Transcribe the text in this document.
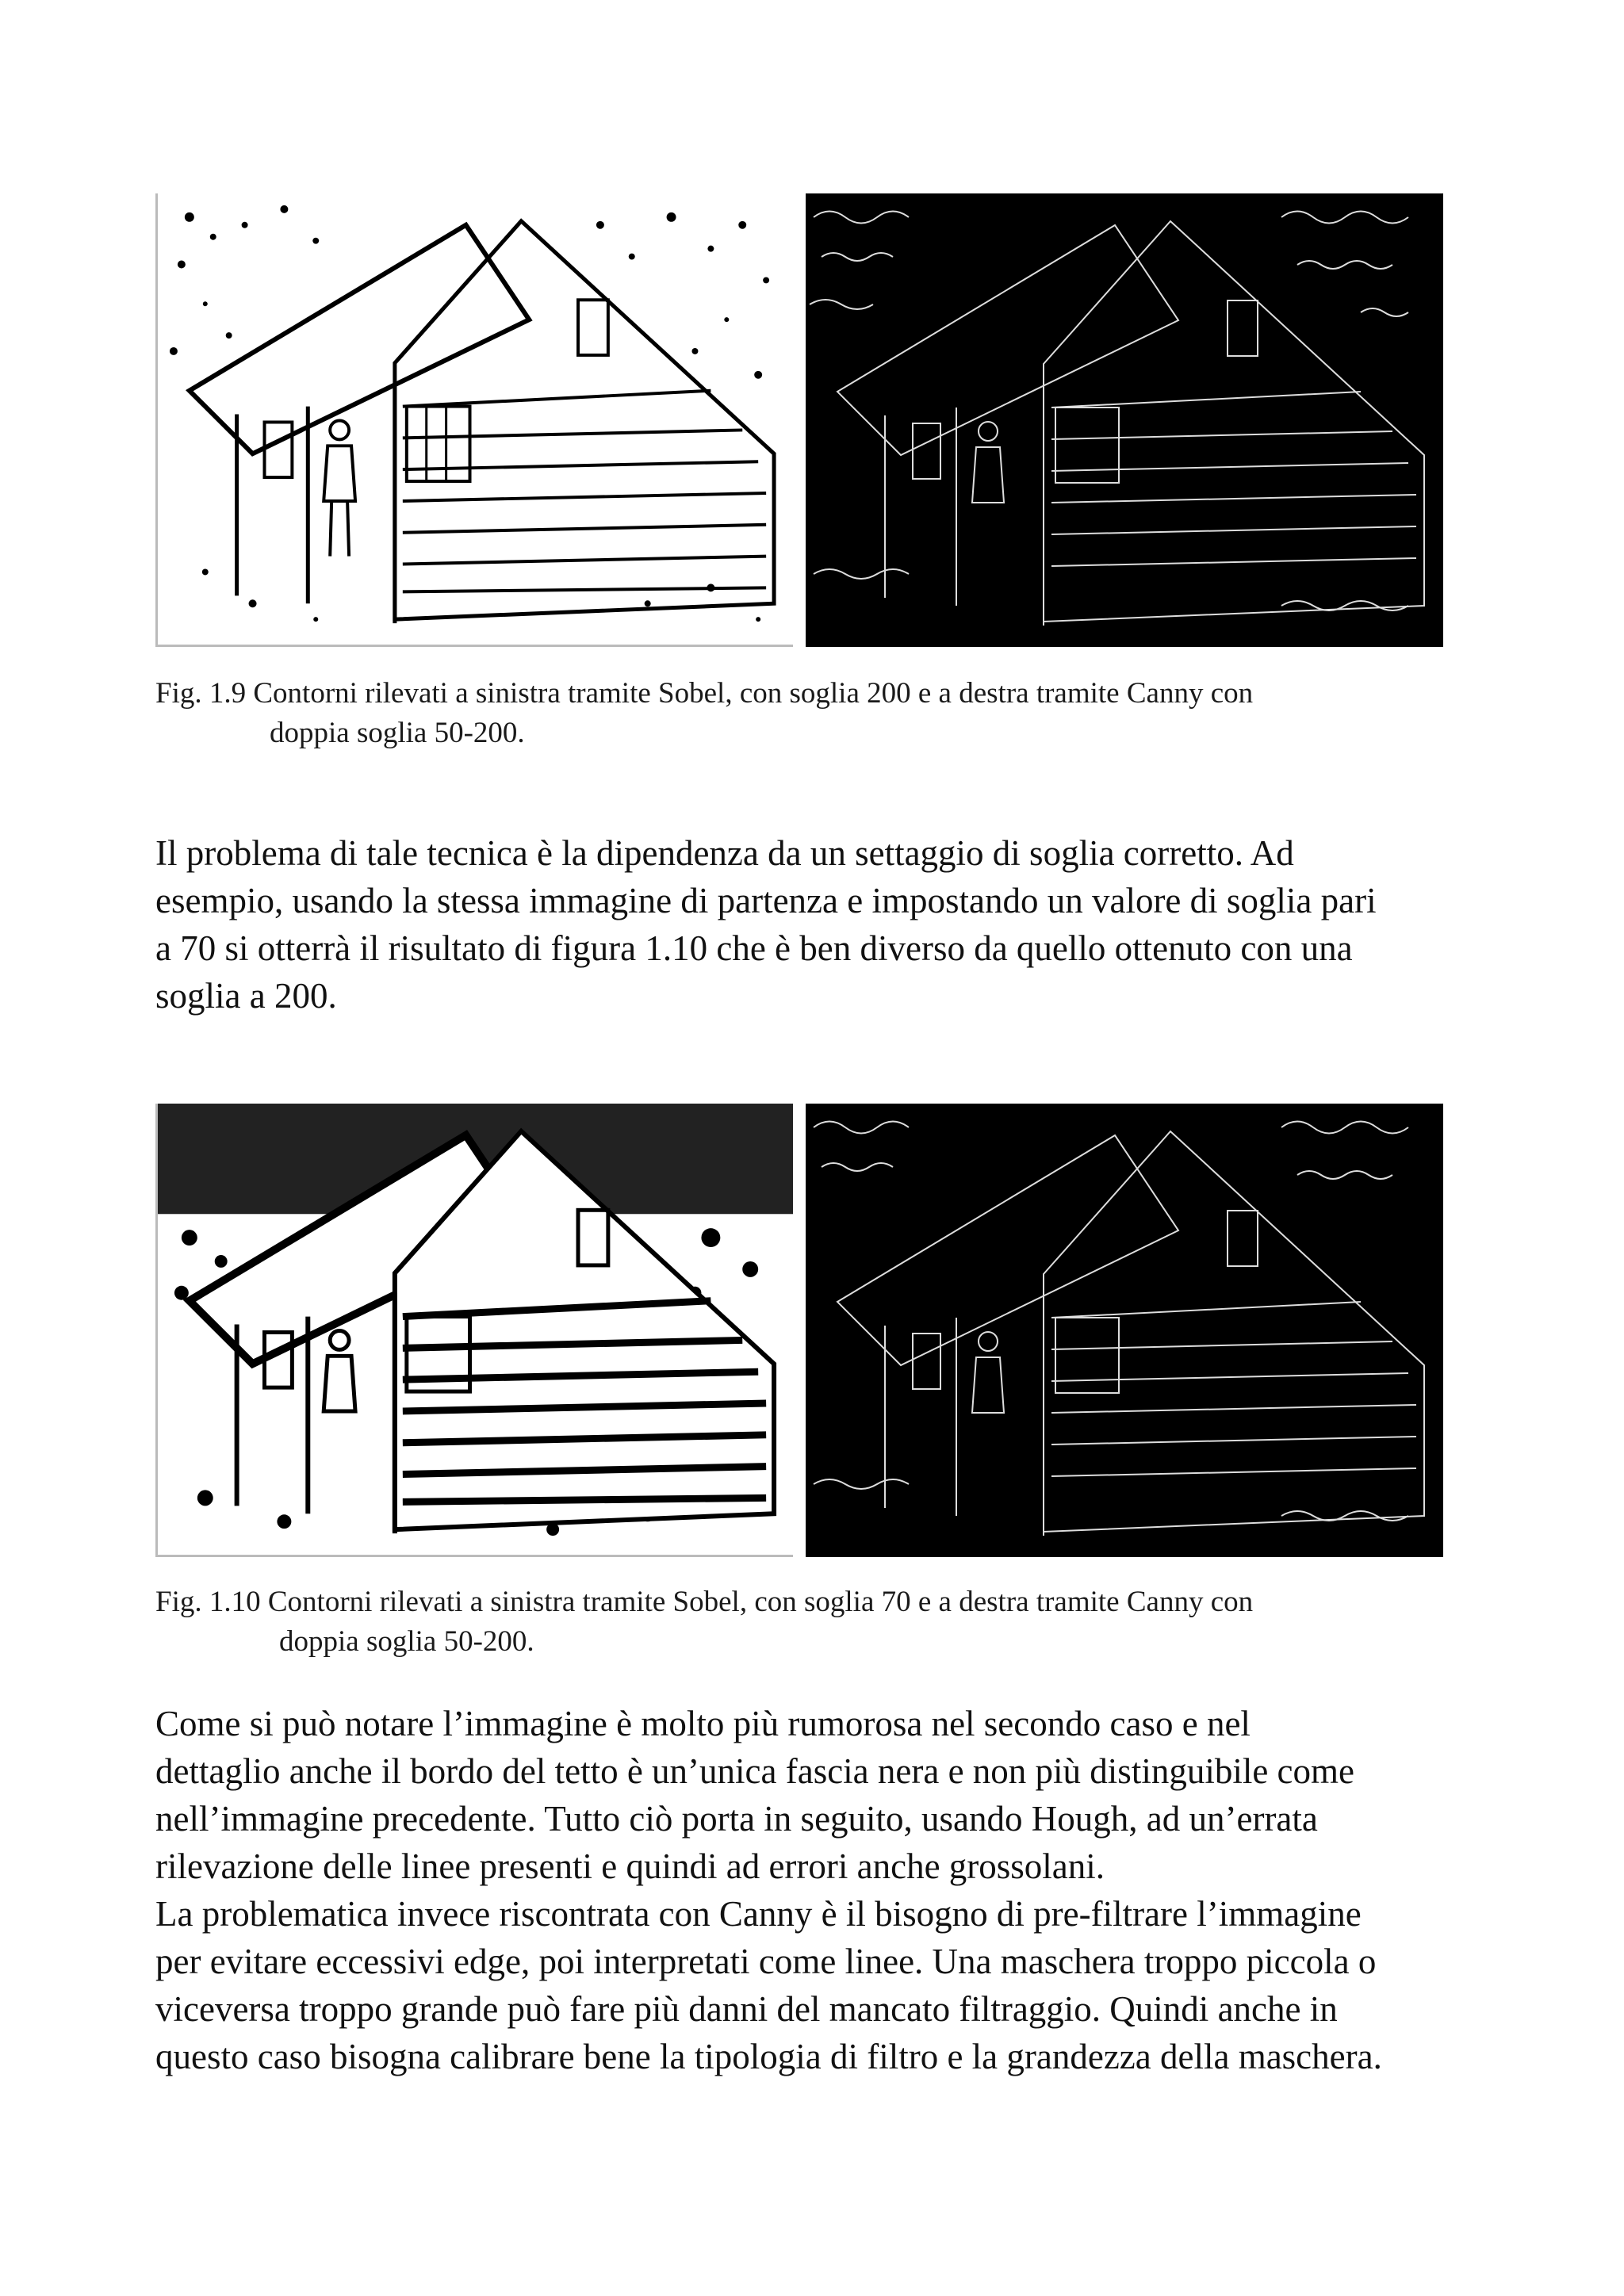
Fig. 1.9 Contorni rilevati a sinistra tramite Sobel, con soglia 200 e a destra tramite Canny con
doppia soglia 50-200.

Il problema di tale tecnica è la dipendenza da un settaggio di soglia corretto. Ad

esempio, usando la stessa immagine di partenza e impostando un valore di soglia pari

a 70 si otterrà il risultato di figura 1.10 che è ben diverso da quello ottenuto con una

soglia a 200.

Fig. 1.10 Contorni rilevati a sinistra tramite Sobel, con soglia 70 e a destra tramite Canny con
doppia soglia 50-200.

Come si può notare l’immagine è molto più rumorosa nel secondo caso e nel

dettaglio anche il bordo del tetto è un’unica fascia nera e non più distinguibile come

nell’immagine precedente. Tutto ciò porta in seguito, usando Hough, ad un’errata

rilevazione delle linee presenti e quindi ad errori anche grossolani.

La problematica invece riscontrata con Canny è il bisogno di pre-filtrare l’immagine

per evitare eccessivi edge, poi interpretati come linee. Una maschera troppo piccola o

viceversa troppo grande può fare più danni del mancato filtraggio. Quindi anche in

questo caso bisogna calibrare bene la tipologia di filtro e la grandezza della maschera.
